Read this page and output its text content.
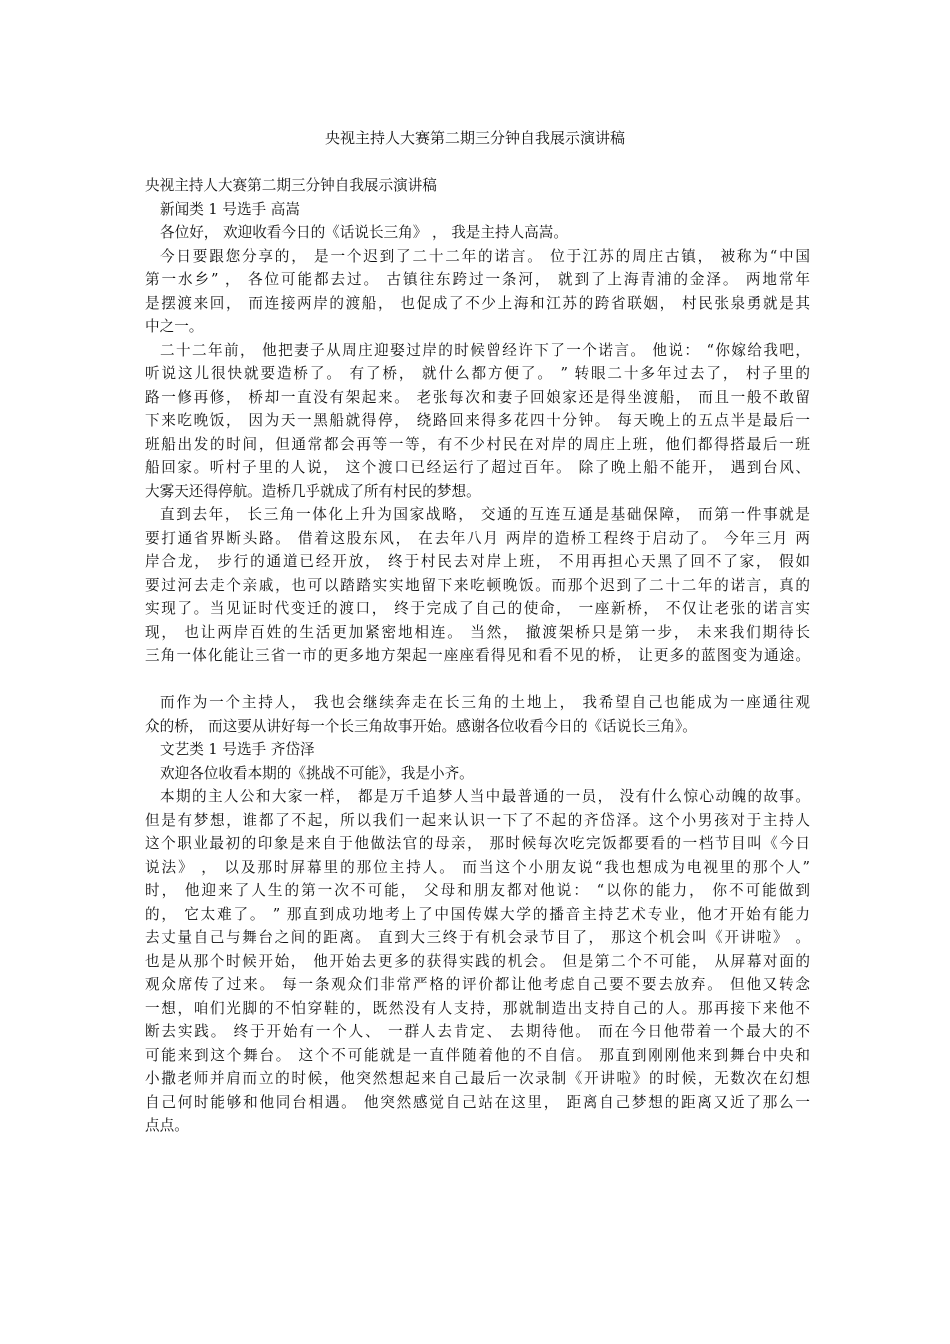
央视主持人大赛第二期三分钟自我展示演讲稿
央视主持人大赛第二期三分钟自我展示演讲稿
新闻类 1 号选手 高嵩
各位好， 欢迎收看今日的《话说长三角》 ， 我是主持人高嵩。
今日要跟您分享的， 是一个迟到了二十二年的诺言。 位于江苏的周庄古镇， 被称为“中国
第一水乡” ， 各位可能都去过。 古镇往东跨过一条河， 就到了上海青浦的金泽。 两地常年
是摆渡来回， 而连接两岸的渡船， 也促成了不少上海和江苏的跨省联姻， 村民张泉勇就是其
中之一。
二十二年前， 他把妻子从周庄迎娶过岸的时候曾经许下了一个诺言。 他说： “你嫁给我吧，
听说这儿很快就要造桥了。 有了桥， 就什么都方便了。 ” 转眼二十多年过去了， 村子里的
路一修再修， 桥却一直没有架起来。 老张每次和妻子回娘家还是得坐渡船， 而且一般不敢留
下来吃晚饭， 因为天一黑船就得停， 绕路回来得多花四十分钟。 每天晚上的五点半是最后一
班船出发的时间，但通常都会再等一等，有不少村民在对岸的周庄上班，他们都得搭最后一班
船回家。听村子里的人说， 这个渡口已经运行了超过百年。 除了晚上船不能开， 遇到台风、
大雾天还得停航。造桥几乎就成了所有村民的梦想。
直到去年， 长三角一体化上升为国家战略， 交通的互连互通是基础保障， 而第一件事就是
要打通省界断头路。 借着这股东风， 在去年八月 两岸的造桥工程终于启动了。 今年三月 两
岸合龙， 步行的通道已经开放， 终于村民去对岸上班， 不用再担心天黑了回不了家， 假如
要过河去走个亲戚，也可以踏踏实实地留下来吃顿晚饭。而那个迟到了二十二年的诺言，真的
实现了。当见证时代变迁的渡口， 终于完成了自己的使命， 一座新桥， 不仅让老张的诺言实
现， 也让两岸百姓的生活更加紧密地相连。 当然， 撤渡架桥只是第一步， 未来我们期待长
三角一体化能让三省一市的更多地方架起一座座看得见和看不见的桥， 让更多的蓝图变为通途。
而作为一个主持人， 我也会继续奔走在长三角的土地上， 我希望自己也能成为一座通往观
众的桥， 而这要从讲好每一个长三角故事开始。感谢各位收看今日的《话说长三角》。
文艺类 1 号选手 齐岱泽
欢迎各位收看本期的《挑战不可能》，我是小齐。
本期的主人公和大家一样， 都是万千追梦人当中最普通的一员， 没有什么惊心动魄的故事。
但是有梦想，谁都了不起，所以我们一起来认识一下了不起的齐岱泽。这个小男孩对于主持人
这个职业最初的印象是来自于他做法官的母亲， 那时候每次吃完饭都要看的一档节目叫《今日
说法》 ， 以及那时屏幕里的那位主持人。 而当这个小朋友说“我也想成为电视里的那个人”
时， 他迎来了人生的第一次不可能， 父母和朋友都对他说： “以你的能力， 你不可能做到
的， 它太难了。 ” 那直到成功地考上了中国传媒大学的播音主持艺术专业，他才开始有能力
去丈量自己与舞台之间的距离。 直到大三终于有机会录节目了， 那这个机会叫《开讲啦》 。
也是从那个时候开始， 他开始去更多的获得实践的机会。 但是第二个不可能， 从屏幕对面的
观众席传了过来。 每一条观众们非常严格的评价都让他考虑自己要不要去放弃。 但他又转念
一想，咱们光脚的不怕穿鞋的，既然没有人支持，那就制造出支持自己的人。那再接下来他不
断去实践。 终于开始有一个人、 一群人去肯定、 去期待他。 而在今日他带着一个最大的不
可能来到这个舞台。 这个不可能就是一直伴随着他的不自信。 那直到刚刚他来到舞台中央和
小撒老师并肩而立的时候，他突然想起来自己最后一次录制《开讲啦》的时候，无数次在幻想
自己何时能够和他同台相遇。 他突然感觉自己站在这里， 距离自己梦想的距离又近了那么一
点点。
